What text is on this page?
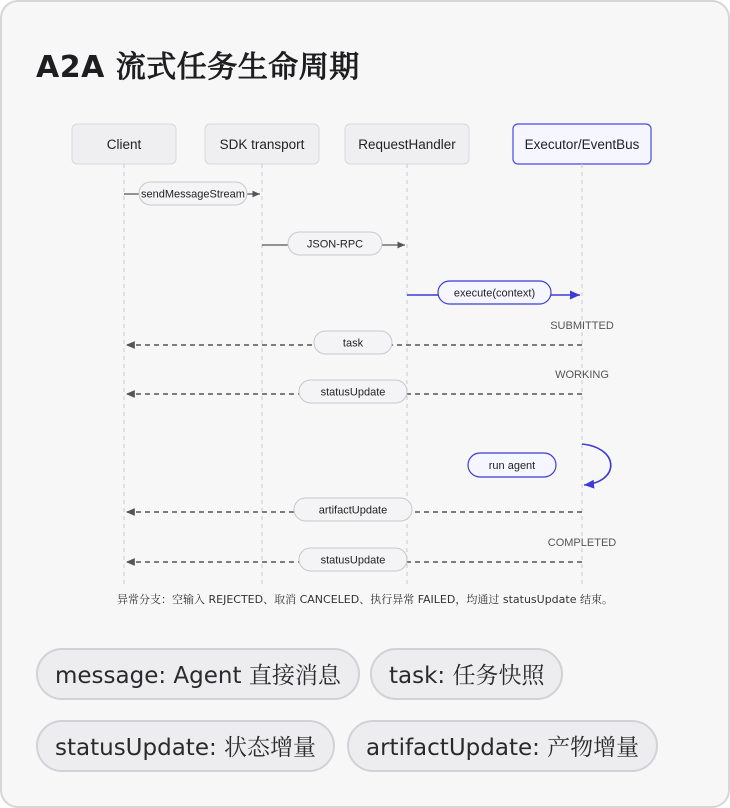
A2A 流式任务生命周期
Client	SDK transport	RequestHandler	Executor/EventBus
sendMessageStream
JSON-RPC
execute(context)
SUBMITTED
task
WORKING
statusUpdate
run agent
artifactUpdate
COMPLETED
statusUpdate
异常分支：空输入 REJECTED、取消 CANCELED、执行异常 FAILED，均通过 statusUpdate 结束。
message: Agent 直接消息	task: 任务快照
statusUpdate: 状态增量	artifactUpdate: 产物增量
